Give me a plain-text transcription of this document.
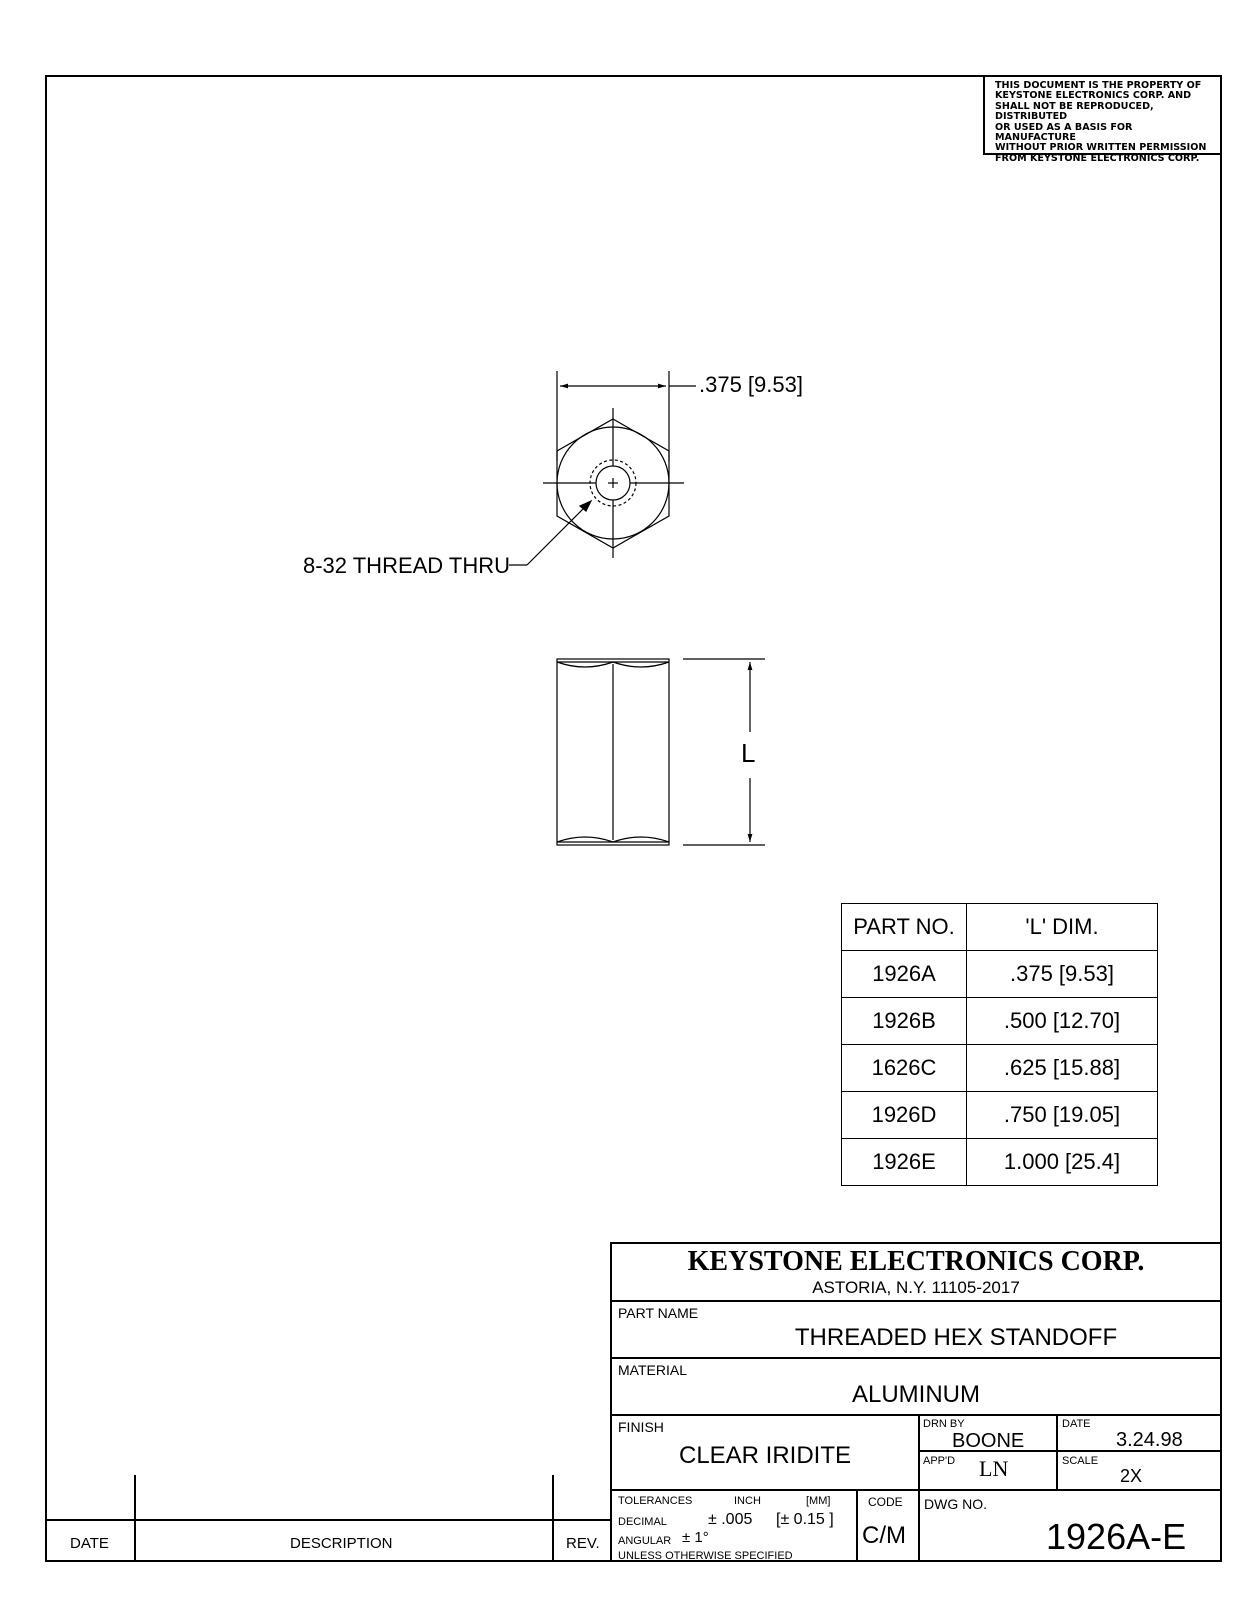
THIS DOCUMENT IS THE PROPERTY OF
KEYSTONE ELECTRONICS CORP. AND
SHALL NOT BE REPRODUCED, DISTRIBUTED
OR USED AS A BASIS FOR MANUFACTURE
WITHOUT PRIOR WRITTEN PERMISSION
FROM KEYSTONE ELECTRONICS CORP.
.375 [9.53]
8-32 THREAD THRU
L
PART NO.	'L' DIM.
1926A	.375 [9.53]
1926B	.500 [12.70]
1626C	.625 [15.88]
1926D	.750 [19.05]
1926E	1.000 [25.4]
KEYSTONE ELECTRONICS CORP.
ASTORIA, N.Y. 11105-2017
PART NAME
THREADED HEX STANDOFF
MATERIAL
ALUMINUM
FINISH
CLEAR IRIDITE
DRN BY
BOONE
APP'D LN
DATE
3.24.98
SCALE
2X
TOLERANCES	INCH	[MM]
DECIMAL	± .005 [± 0.15 ]
ANGULAR ± 1°
UNLESS OTHERWISE SPECIFIED
CODE
C/M
DWG NO.
1926A-E
DATE	DESCRIPTION	REV.
